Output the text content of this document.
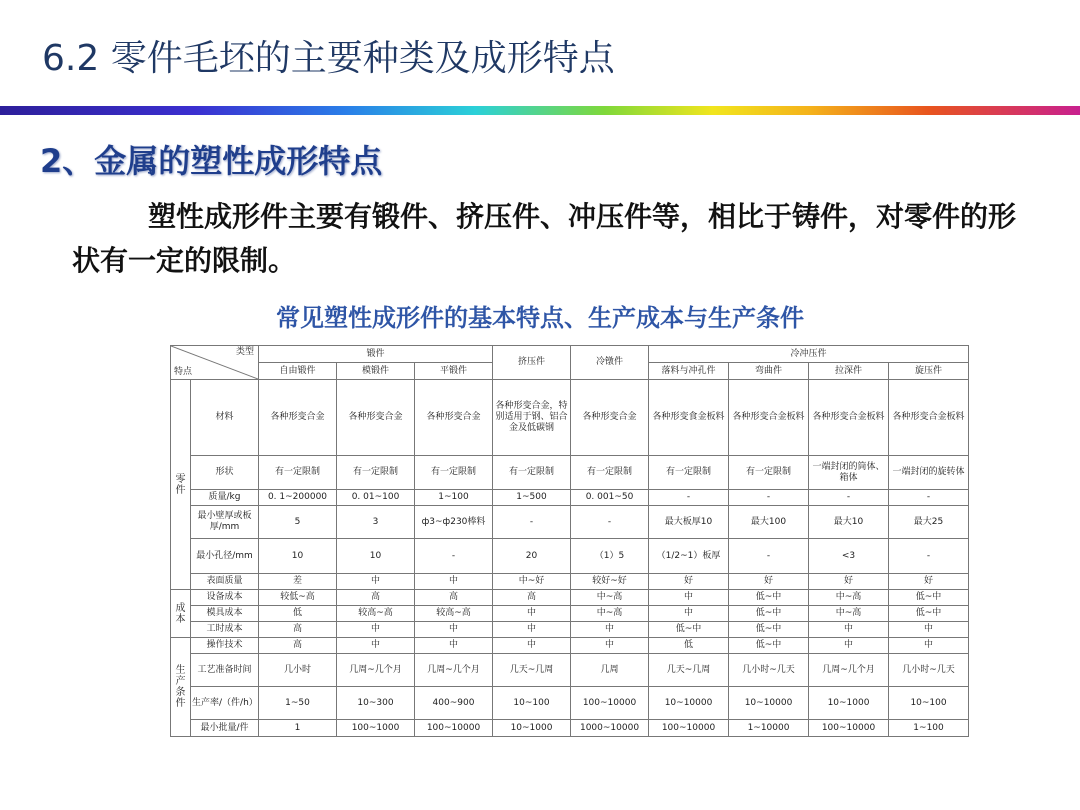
6.2 零件毛坯的主要种类及成形特点
2、金属的塑性成形特点
塑性成形件主要有锻件、挤压件、冲压件等，相比于铸件，对零件的形状有一定的限制。
常见塑性成形件的基本特点、生产成本与生产条件
类型
特点		锻件			挤压件	冷镦件	冷冲压件			
		自由锻件	模锻件	平锻件			落料与冲孔件	弯曲件	拉深件	旋压件
零件	材料	各种形变合金	各种形变合金	各种形变合金	各种形变合金，特别适用于钢、铝合金及低碳钢	各种形变合金	各种形变食金板料	各种形变合金板料	各种形变合金板料	各种形变合金板料
	形状	有一定限制	有一定限制	有一定限制	有一定限制	有一定限制	有一定限制	有一定限制	一端封闭的筒体、箱体	一端封闭的旋转体
	质量/kg	0. 1~200000	0. 01~100	1~100	1~500	0. 001~50	-	-	-	-
	最小壁厚或板厚/mm	5	3	ф3~ф230棒料	-	-	最大板厚10	最大100	最大10	最大25
	最小孔径/mm	10	10	-	20	（1）5	（1/2~1）板厚	-	<3	-
	表面质量	差	中	中	中~好	较好~好	好	好	好	好
成本	设备成本	较低~高	高	高	高	中~高	中	低~中	中~高	低~中
	模具成本	低	较高~高	较高~高	中	中~高	中	低~中	中~高	低~中
	工时成本	高	中	中	中	中	低~中	低~中	中	中
生产条件	操作技术	高	中	中	中	中	低	低~中	中	中
	工艺准备时间	几小时	几周~几个月	几周~几个月	几天~几周	几周	几天~几周	几小时~几天	几周~几个月	几小时~几天
	生产率/（件/h）	1~50	10~300	400~900	10~100	100~10000	10~10000	10~10000	10~1000	10~100
	最小批量/件	1	100~1000	100~10000	10~1000	1000~10000	100~10000	1~10000	100~10000	1~100
